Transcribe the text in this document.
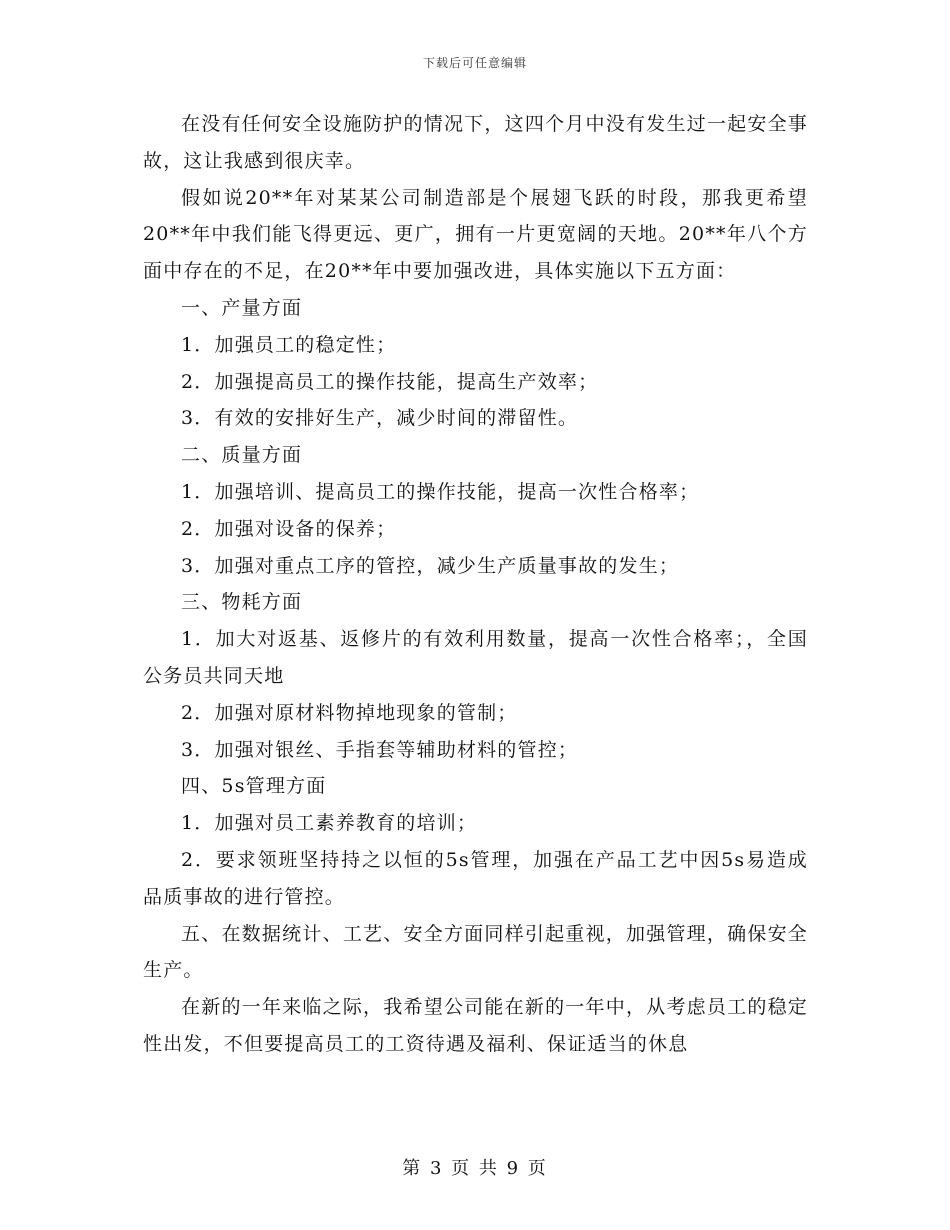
下载后可任意编辑

在没有任何安全设施防护的情况下，这四个月中没有发生过一起安全事故，这让我感到很庆幸。

假如说20**年对某某公司制造部是个展翅飞跃的时段，那我更希望20**年中我们能飞得更远、更广，拥有一片更宽阔的天地。20**年八个方面中存在的不足，在20**年中要加强改进，具体实施以下五方面：

一、产量方面

1．加强员工的稳定性；

2．加强提高员工的操作技能，提高生产效率；

3．有效的安排好生产，减少时间的滞留性。

二、质量方面

1．加强培训、提高员工的操作技能，提高一次性合格率；

2．加强对设备的保养；

3．加强对重点工序的管控，减少生产质量事故的发生；

三、物耗方面

1．加大对返基、返修片的有效利用数量，提高一次性合格率；，全国公务员共同天地

2．加强对原材料物掉地现象的管制；

3．加强对银丝、手指套等辅助材料的管控；

四、5s管理方面

1．加强对员工素养教育的培训；

2．要求领班坚持持之以恒的5s管理，加强在产品工艺中因5s易造成品质事故的进行管控。

五、在数据统计、工艺、安全方面同样引起重视，加强管理，确保安全生产。

在新的一年来临之际，我希望公司能在新的一年中，从考虑员工的稳定性出发，不但要提高员工的工资待遇及福利、保证适当的休息

第 3 页 共 9 页
